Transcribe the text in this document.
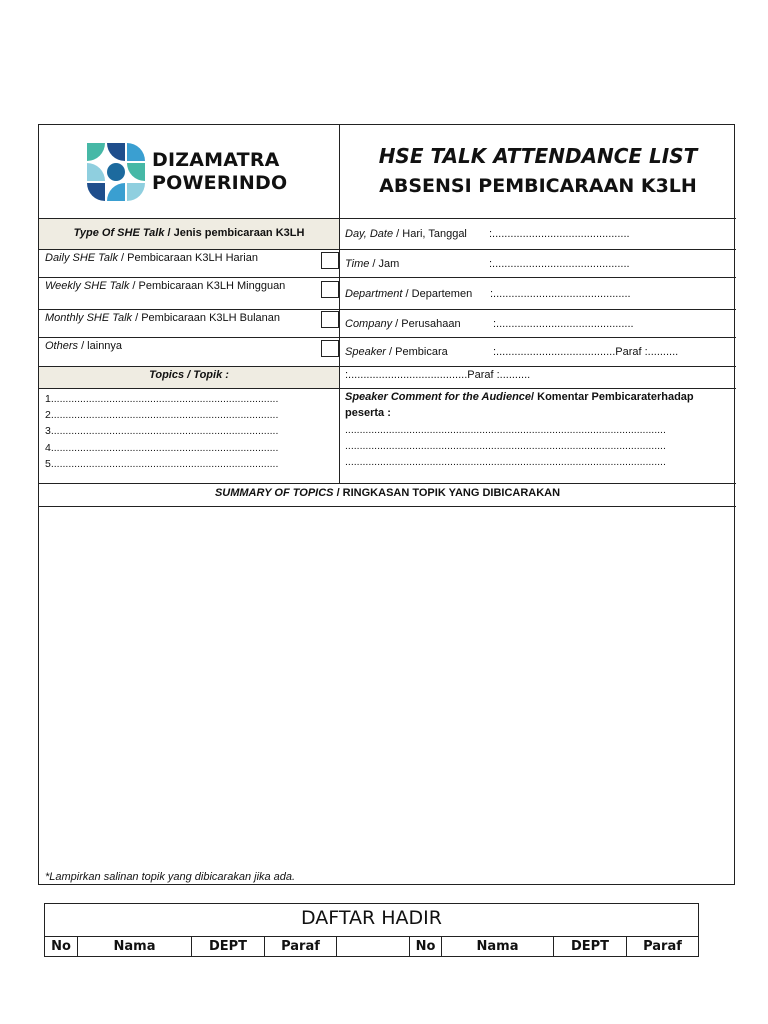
DIZAMATRA
POWERINDO
HSE TALK ATTENDANCE LIST
ABSENSI PEMBICARAAN K3LH
Type Of SHE Talk / Jenis pembicaraan K3LH
Daily SHE Talk / Pembicaraan K3LH Harian
Weekly SHE Talk / Pembicaraan K3LH Mingguan
Monthly SHE Talk / Pembicaraan K3LH Bulanan
Others / lainnya
Day, Date / Hari, Tanggal :.............................................
Time / Jam	:.............................................
Department / Departemen :.............................................
Company / Perusahaan	:.............................................
Speaker / Pembicara	:.......................................Paraf :..........
Topics / Topik :	:.......................................Paraf :..........
1..............................................................................
2..............................................................................
3..............................................................................
4..............................................................................
5..............................................................................
Speaker Comment for the Audience/ Komentar Pembicaraterhadap
peserta :
..............................................................................................................
..............................................................................................................
..............................................................................................................
SUMMARY OF TOPICS / RINGKASAN TOPIK YANG DIBICARAKAN
*Lampirkan salinan topik yang dibicarakan jika ada.
DAFTAR HADIR
No	Nama	DEPT	Paraf	No	Nama	DEPT	Paraf
